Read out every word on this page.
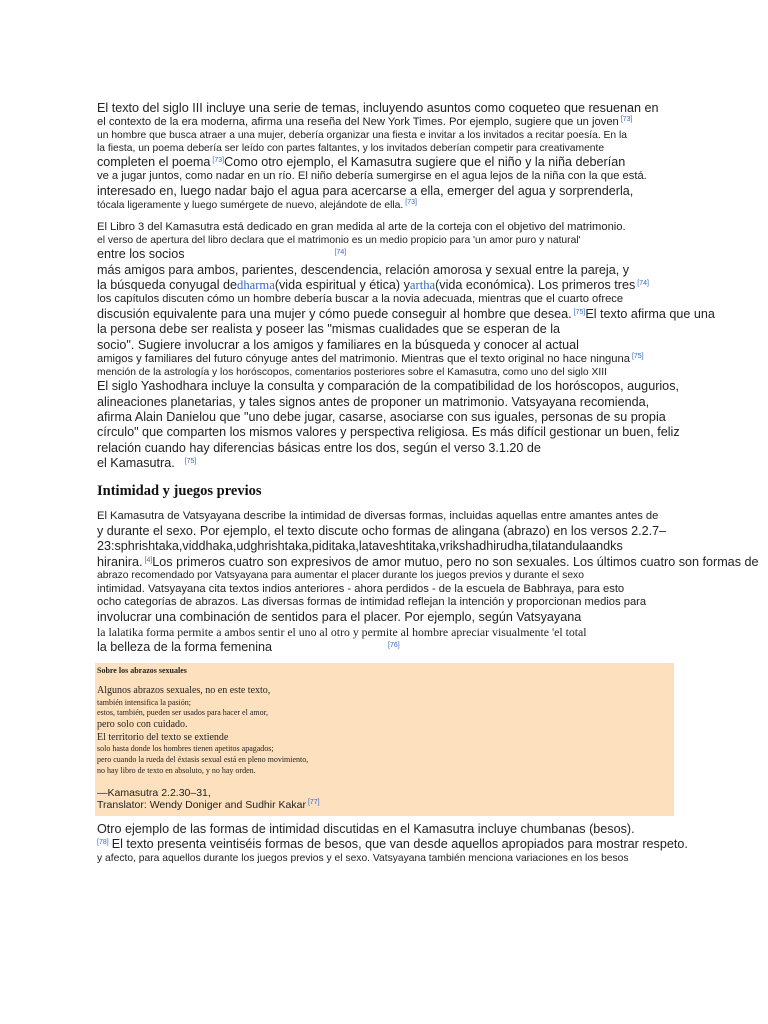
El texto del siglo III incluye una serie de temas, incluyendo asuntos como coqueteo que resuenan en
el contexto de la era moderna, afirma una reseña del New York Times. Por ejemplo, sugiere que un joven [73]
un hombre que busca atraer a una mujer, debería organizar una fiesta e invitar a los invitados a recitar poesía. En la
la fiesta, un poema debería ser leído con partes faltantes, y los invitados deberían competir para creativamente
completen el poema [73]Como otro ejemplo, el Kamasutra sugiere que el niño y la niña deberían
ve a jugar juntos, como nadar en un río. El niño debería sumergirse en el agua lejos de la niña con la que está.
interesado en, luego nadar bajo el agua para acercarse a ella, emerger del agua y sorprenderla,
tócala ligeramente y luego sumérgete de nuevo, alejándote de ella. [73]
El Libro 3 del Kamasutra está dedicado en gran medida al arte de la corteja con el objetivo del matrimonio.
el verso de apertura del libro declara que el matrimonio es un medio propicio para 'un amor puro y natural'
entre los socios	[74]
más amigos para ambos, parientes, descendencia, relación amorosa y sexual entre la pareja, y
la búsqueda conyugal dedharma(vida espiritual y ética) yartha(vida económica). Los primeros tres [74]
los capítulos discuten cómo un hombre debería buscar a la novia adecuada, mientras que el cuarto ofrece
discusión equivalente para una mujer y cómo puede conseguir al hombre que desea. [75]El texto afirma que una
la persona debe ser realista y poseer las "mismas cualidades que se esperan de la
socio". Sugiere involucrar a los amigos y familiares en la búsqueda y conocer al actual
amigos y familiares del futuro cónyuge antes del matrimonio. Mientras que el texto original no hace ninguna [75]
mención de la astrología y los horóscopos, comentarios posteriores sobre el Kamasutra, como uno del siglo XIII
El siglo Yashodhara incluye la consulta y comparación de la compatibilidad de los horóscopos, augurios,
alineaciones planetarias, y tales signos antes de proponer un matrimonio. Vatsyayana recomienda,
afirma Alain Danielou que "uno debe jugar, casarse, asociarse con sus iguales, personas de su propia
círculo" que comparten los mismos valores y perspectiva religiosa. Es más difícil gestionar un buen, feliz
relación cuando hay diferencias básicas entre los dos, según el verso 3.1.20 de
el Kamasutra. [75]
Intimidad y juegos previos
El Kamasutra de Vatsyayana describe la intimidad de diversas formas, incluidas aquellas entre amantes antes de
y durante el sexo. Por ejemplo, el texto discute ocho formas de alingana (abrazo) en los versos 2.2.7–
23:sphrishtaka,viddhaka,udghrishtaka,piditaka,lataveshtitaka,vrikshadhirudha,tilatandulaandks
hiranira. [4]Los primeros cuatro son expresivos de amor mutuo, pero no son sexuales. Los últimos cuatro son formas de
abrazo recomendado por Vatsyayana para aumentar el placer durante los juegos previos y durante el sexo
intimidad. Vatsyayana cita textos indios anteriores - ahora perdidos - de la escuela de Babhraya, para esto
ocho categorías de abrazos. Las diversas formas de intimidad reflejan la intención y proporcionan medios para
involucrar una combinación de sentidos para el placer. Por ejemplo, según Vatsyayana
la lalatika forma permite a ambos sentir el uno al otro y permite al hombre apreciar visualmente 'el total
la belleza de la forma femenina	[76]
Sobre los abrazos sexuales
Algunos abrazos sexuales, no en este texto,
también intensifica la pasión;
estos, también, pueden ser usados para hacer el amor,
pero solo con cuidado.
El territorio del texto se extiende
solo hasta donde los hombres tienen apetitos apagados;
pero cuando la rueda del éxtasis sexual está en pleno movimiento,
no hay libro de texto en absoluto, y no hay orden.
—Kamasutra 2.2.30–31,
Translator: Wendy Doniger and Sudhir Kakar [77]
Otro ejemplo de las formas de intimidad discutidas en el Kamasutra incluye chumbanas (besos).
[78] El texto presenta veintiséis formas de besos, que van desde aquellos apropiados para mostrar respeto.
y afecto, para aquellos durante los juegos previos y el sexo. Vatsyayana también menciona variaciones en los besos
